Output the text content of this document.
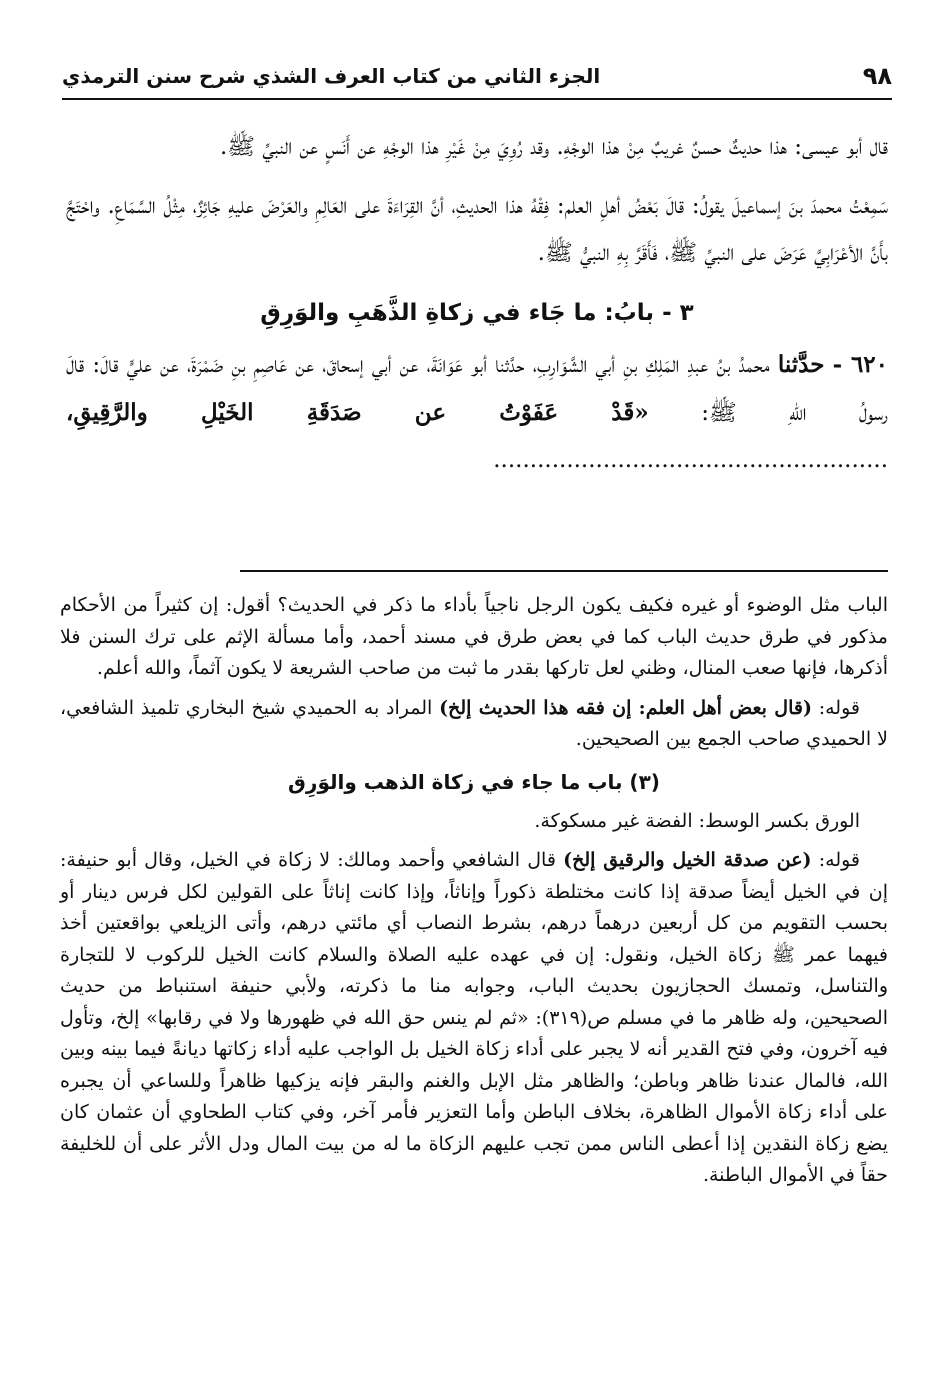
٩٨
الجزء الثاني من كتاب العرف الشذي شرح سنن الترمذي

قال أبو عيسى: هذا حديثٌ حسنٌ غريبٌ مِنْ هذا الوجْهِ. وقد رُوِيَ مِنْ غَيْرِ هذا الوجْهِ عن أَنَسٍ عن النبيِّ ﷺ.

سَمِعْتُ محمدَ بنَ إسماعيلَ يقولُ: قالَ بَعْضُ أهلِ العلم: فِقْهُ هذا الحديثِ، أنَّ القِرَاءَةَ على العَالِمِ والعَرْضَ عليهِ جَائِزٌ، مِثْلُ السَّمَاعِ. واحْتَجَّ بأَنَّ الأعْرَابِيَّ عَرَضَ على النبيِّ ﷺ، فَأَقَرَّ بِهِ النبيُّ ﷺ.

٣ - بابُ: ما جَاء في زكاةِ الذَّهَبِ والوَرِقِ

٦٢٠ - حدَّثنا محمدُ بنُ عبدِ المَلِكِ بنِ أبي الشَّوَارِبِ، حدَّثنا أبو عَوَانَةَ، عن أبي إسحاقَ، عن عَاصِمِ بنِ ضَمْرَةَ، عن عليٍّ قالَ: قالَ رسولُ اللهِ ﷺ: «قَدْ عَفَوْتُ عن صَدَقَةِ الخَيْلِ والرَّقِيقِ، ......................................................

الباب مثل الوضوء أو غيره فكيف يكون الرجل ناجياً بأداء ما ذكر في الحديث؟ أقول: إن كثيراً من الأحكام مذكور في طرق حديث الباب كما في بعض طرق في مسند أحمد، وأما مسألة الإثم على ترك السنن فلا أذكرها، فإنها صعب المنال، وظني لعل تاركها بقدر ما ثبت من صاحب الشريعة لا يكون آثماً، والله أعلم.

قوله: (قال بعض أهل العلم: إن فقه هذا الحديث إلخ) المراد به الحميدي شيخ البخاري تلميذ الشافعي، لا الحميدي صاحب الجمع بين الصحيحين.

(٣) باب ما جاء في زكاة الذهب والوَرِق

الورق بكسر الوسط: الفضة غير مسكوكة.

قوله: (عن صدقة الخيل والرقيق إلخ) قال الشافعي وأحمد ومالك: لا زكاة في الخيل، وقال أبو حنيفة: إن في الخيل أيضاً صدقة إذا كانت مختلطة ذكوراً وإناثاً، وإذا كانت إناثاً على القولين لكل فرس دينار أو بحسب التقويم من كل أربعين درهماً درهم، بشرط النصاب أي مائتي درهم، وأتى الزيلعي بواقعتين أخذ فيهما عمر ﷺ زكاة الخيل، ونقول: إن في عهده عليه الصلاة والسلام كانت الخيل للركوب لا للتجارة والتناسل، وتمسك الحجازيون بحديث الباب، وجوابه منا ما ذكرته، ولأبي حنيفة استنباط من حديث الصحيحين، وله ظاهر ما في مسلم ص(٣١٩): «ثم لم ينس حق الله في ظهورها ولا في رقابها» إلخ، وتأول فيه آخرون، وفي فتح القدير أنه لا يجبر على أداء زكاة الخيل بل الواجب عليه أداء زكاتها ديانةً فيما بينه وبين الله، فالمال عندنا ظاهر وباطن؛ والظاهر مثل الإبل والغنم والبقر فإنه يزكيها ظاهراً وللساعي أن يجبره على أداء زكاة الأموال الظاهرة، بخلاف الباطن وأما التعزير فأمر آخر، وفي كتاب الطحاوي أن عثمان كان يضع زكاة النقدين إذا أعطى الناس ممن تجب عليهم الزكاة ما له من بيت المال ودل الأثر على أن للخليفة حقاً في الأموال الباطنة.
